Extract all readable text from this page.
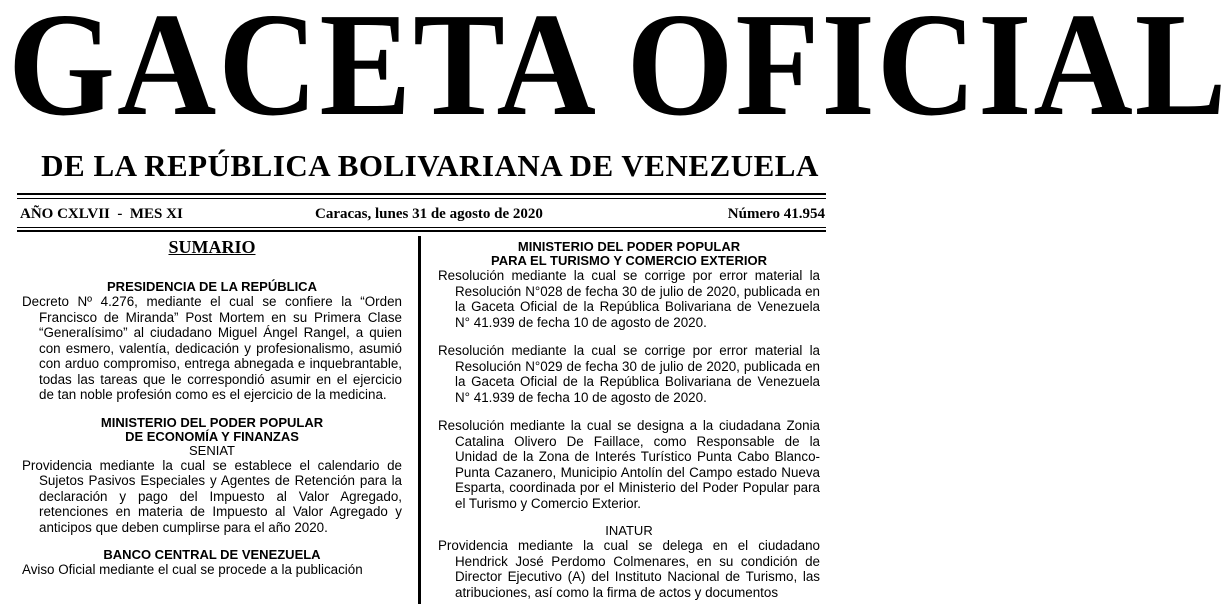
GACETA OFICIAL
DE LA REPÚBLICA BOLIVARIANA DE VENEZUELA
AÑO CXLVII  -  MES XI	Caracas, lunes 31 de agosto de 2020	Número 41.954

SUMARIO

PRESIDENCIA DE LA REPÚBLICA

Decreto Nº 4.276, mediante el cual se confiere la “Orden Francisco de Miranda” Post Mortem en su Primera Clase “Generalísimo” al ciudadano Miguel Ángel Rangel, a quien con esmero, valentía, dedicación y profesionalismo, asumió con arduo compromiso, entrega abnegada e inquebrantable, todas las tareas que le correspondió asumir en el ejercicio de tan noble profesión como es el ejercicio de la medicina.

MINISTERIO DEL PODER POPULAR
DE ECONOMÍA Y FINANZAS

SENIAT

Providencia mediante la cual se establece el calendario de Sujetos Pasivos Especiales y Agentes de Retención para la declaración y pago del Impuesto al Valor Agregado, retenciones en materia de Impuesto al Valor Agregado y anticipos que deben cumplirse para el año 2020.

BANCO CENTRAL DE VENEZUELA

Aviso Oficial mediante el cual se procede a la publicación

MINISTERIO DEL PODER POPULAR
PARA EL TURISMO Y COMERCIO EXTERIOR

Resolución mediante la cual se corrige por error material la Resolución N°028 de fecha 30 de julio de 2020, publicada en la Gaceta Oficial de la República Bolivariana de Venezuela N° 41.939 de fecha 10 de agosto de 2020.

Resolución mediante la cual se corrige por error material la Resolución N°029 de fecha 30 de julio de 2020, publicada en la Gaceta Oficial de la República Bolivariana de Venezuela N° 41.939 de fecha 10 de agosto de 2020.

Resolución mediante la cual se designa a la ciudadana Zonia Catalina Olivero De Faillace, como Responsable de la Unidad de la Zona de Interés Turístico Punta Cabo Blanco-Punta Cazanero, Municipio Antolín del Campo estado Nueva Esparta, coordinada por el Ministerio del Poder Popular para el Turismo y Comercio Exterior.

INATUR

Providencia mediante la cual se delega en el ciudadano Hendrick José Perdomo Colmenares, en su condición de Director Ejecutivo (A) del Instituto Nacional de Turismo, las atribuciones, así como la firma de actos y documentos
